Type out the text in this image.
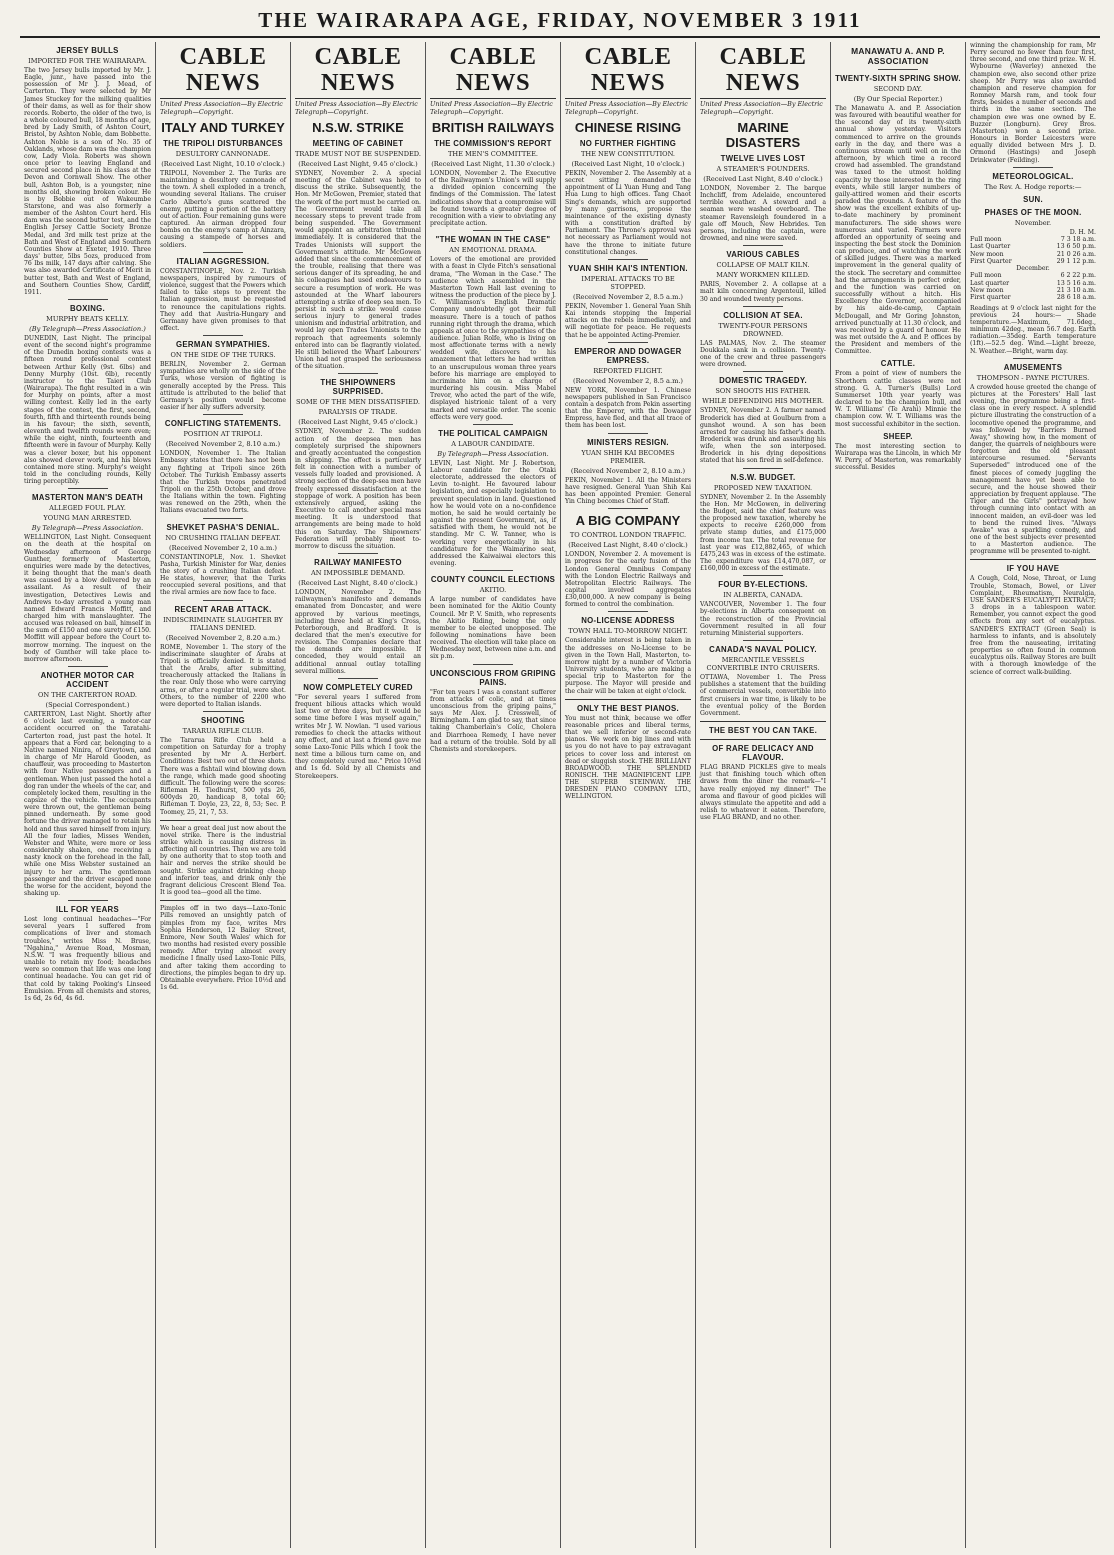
THE WAIRARAPA AGE, FRIDAY, NOVEMBER 3 1911
JERSEY BULLS
IMPORTED FOR THE WAIRARAPA.
The two Jersey bulls imported by Mr. J. Eagle, junr., have passed into the possession of Mr J. J. Mead, of Carterton. They were selected by Mr James Stuckey for the milking qualities of their dams, as well as for their show records. Roberto, the older of the two, is a whole coloured bull, 18 months of age, bred by Lady Smith, of Ashton Court, Bristol, by Ashton Noble, dam Bobbette. Ashton Noble is a son of No. 35 of Oaklands, whose dam was the champion cow, Lady Viola. Roberts was shown once prior to leaving England and secured second place in his class at the Devon and Cornwall Show. The other bull, Ashton Bob, is a youngster, nine months old, showing broken colour. He is by Bobbie out of Wakeumbe Starstone, and was also formerly a member of the Ashton Court herd. His dam was the second butter test, and the English Jersey Cattle Society Bronze Medal, and 3rd milk test prize at the Bath and West of England and Southern Counties Show at Exeter, 1910. Three days' butter, 5lbs 5ozs, produced from 76 lbs milk, 147 days after calving. She was also awarded Certificate of Merit in butter test, Bath and West of England, and Southern Counties Show, Cardiff, 1911.
BOXING.
MURPHY BEATS KELLY.
(By Telegraph—Press Association.)
DUNEDIN, Last Night. The principal event of the second night's programme of the Dunedin boxing contests was a fifteen round professional contest between Arthur Kelly (9st. 6lbs) and Denny Murphy (10st. 6lb), recently instructor to the Taieri Club (Wairarapa). The fight resulted in a win for Murphy on points, after a most willing contest. Kelly led in the early stages of the contest, the first, second, fourth, fifth and thirteenth rounds being in his favour; the sixth, seventh, eleventh and twelfth rounds were even; while the eight, ninth, fourteenth and fifteenth were in favour of Murphy. Kelly was a clever boxer, but his opponent also showed clever work, and his blows contained more sting. Murphy's weight told in the concluding rounds, Kelly tiring perceptibly.
MASTERTON MAN'S DEATH
ALLEGED FOUL PLAY.
YOUNG MAN ARRESTED.
By Telegraph—Press Association.
WELLINGTON, Last Night. Consequent on the death at the hospital on Wednesday afternoon of George Gunther, formerly of Masterton, enquiries were made by the detectives, it being thought that the man's death was caused by a blow delivered by an assailant. As a result of their investigation, Detectives Lewis and Andrews to-day arrested a young man named Edward Francis Moffitt, and charged him with manslaughter. The accused was released on bail, himself in the sum of £150 and one surety of £150. Moffitt will appear before the Court to-morrow morning. The inquest on the body of Gunther will take place to-morrow afternoon.
ANOTHER MOTOR CAR ACCIDENT
ON THE CARTERTON ROAD.
(Special Correspondent.)
CARTERTON, Last Night. Shortly after 6 o'clock last evening, a motor-car accident occurred on the Taratahi-Carterton road, just past the hotel. It appears that a Ford car, belonging to a Native named Ninira, of Greytown, and in charge of Mr Harold Gooden, as chauffeur, was proceeding to Masterton with four Native passengers and a gentleman. When just passed the hotel a dog ran under the wheels of the car, and completely locked them, resulting in the capsize of the vehicle. The occupants were thrown out, the gentleman being pinned underneath. By some good fortune the driver managed to retain his hold and thus saved himself from injury. All the four ladies, Misses Wenden, Webster and White, were more or less considerably shaken, one receiving a nasty knock on the forehead in the fall, while one Miss Webster sustained an injury to her arm. The gentleman passenger and the driver escaped none the worse for the accident, beyond the shaking up.
ILL FOR YEARS
Lost long continual headaches—"For several years I suffered from complications of liver and stomach troubles," writes Miss N. Bruse, "Ngahina," Avenue Road, Mosman, N.S.W. "I was frequently bilious and unable to retain my food; headaches were so common that life was one long continual headache. You can get rid of that cold by taking Pooking's Linseed Emulsion. From all chemists and stores, 1s 6d, 2s 6d, 4s 6d.
CABLE NEWS
United Press Association—By Electric Telegraph—Copyright.
ITALY AND TURKEY
THE TRIPOLI DISTURBANCES
DESULTORY CANNONADE.
(Received Last Night, 10.10 o'clock.)
TRIPOLI, November 2. The Turks are maintaining a desultory cannonade of the town. A shell exploded in a trench, wounding several Italians. The cruiser Carlo Alberto's guns scattered the enemy, putting a portion of the battery out of action. Four remaining guns were captured. An airman dropped four bombs on the enemy's camp at Ainzara, causing a stampede of horses and soldiers.
ITALIAN AGGRESSION.
CONSTANTINOPLE, Nov. 2. Turkish newspapers, inspired by rumours of violence, suggest that the Powers which failed to take steps to prevent the Italian aggression, must be requested to renounce the capitulations rights. They add that Austria-Hungary and Germany have given promises to that effect.
GERMAN SYMPATHIES.
ON THE SIDE OF THE TURKS.
BERLIN, November 2. German sympathies are wholly on the side of the Turks, whose version of fighting is generally accepted by the Press. This attitude is attributed to the belief that Germany's position would become easier if her ally suffers adversity.
CONFLICTING STATEMENTS.
POSITION AT TRIPOLI.
(Received November 2, 8.10 a.m.)
LONDON, November 1. The Italian Embassy states that there has not been any fighting at Tripoli since 26th October. The Turkish Embassy asserts that the Turkish troops penetrated Tripoli on the 25th October, and drove the Italians within the town. Fighting was renewed on the 29th, when the Italians evacuated two forts.
SHEVKET PASHA'S DENIAL.
NO CRUSHING ITALIAN DEFEAT.
(Received November 2, 10 a.m.)
CONSTANTINOPLE, Nov. 1. Shevket Pasha, Turkish Minister for War, denies the story of a crushing Italian defeat. He states, however, that the Turks reoccupied several positions, and that the rival armies are now face to face.
RECENT ARAB ATTACK.
INDISCRIMINATE SLAUGHTER BY ITALIANS DENIED.
(Received November 2, 8.20 a.m.)
ROME, November 1. The story of the indiscriminate slaughter of Arabs at Tripoli is officially denied. It is stated that the Arabs, after submitting, treacherously attacked the Italians in the rear. Only those who were carrying arms, or after a regular trial, were shot. Others, to the number of 2200 who were deported to Italian islands.
SHOOTING
TARARUA RIFLE CLUB.
The Tararua Rifle Club held a competition on Saturday for a trophy presented by Mr A. Herbert. Conditions: Best two out of three shots. There was a fishtail wind blowing down the range, which made good shooting difficult. The following were the scores: Rifleman H. Tiedhurst, 500 yds 26, 600yds 20, handicap 8, total 60; Rifleman T. Doyle, 23, 22, 8, 53; Sec. P. Toomey, 25, 21, 7, 53.
We hear a great deal just now about the novel strike. There is the industrial strike which is causing distress in affecting all countries. Then we are told by one authority that to stop tooth and hair and nerves the strike should be sought. Strike against drinking cheap and inferior teas, and drink only the fragrant delicious Crescent Blend Tea. It is good tea—good all the time.
Pimples off in two days—Laxo-Tonic Pills removed an unsightly patch of pimples from my face, writes Mrs Sophia Henderson, 12 Bailey Street, Enmore, New South Wales' which for two months had resisted every possible remedy. After trying almost every medicine I finally used Laxo-Tonic Pills, and after taking them according to directions, the pimples began to dry up. Obtainable everywhere. Price 10½d and 1s 6d.
CABLE NEWS
United Press Association—By Electric Telegraph—Copyright.
N.S.W. STRIKE
MEETING OF CABINET
TRADE MUST NOT BE SUSPENDED.
(Received Last Night, 9.45 o'clock.)
SYDNEY, November 2. A special meeting of the Cabinet was held to discuss the strike. Subsequently, the Hon. Mr McGowen, Premier, stated that the work of the port must be carried on. The Government would take all necessary steps to prevent trade from being suspended. The Government would appoint an arbitration tribunal immediately. It is considered that the Trades Unionists will support the Government's attitude. Mr McGowen added that since the commencement of the trouble, realising that there was serious danger of its spreading, he and his colleagues had used endeavours to secure a resumption of work. He was astounded at the Wharf labourers attempting a strike of deep sea men. To persist in such a strike would cause serious injury to general trades unionism and industrial arbitration, and would lay open Trades Unionists to the reproach that agreements solemnly entered into can be flagrantly violated. He still believed the Wharf Labourers' Union had not grasped the seriousness of the situation.
THE SHIPOWNERS SURPRISED.
SOME OF THE MEN DISSATISFIED.
PARALYSIS OF TRADE.
(Received Last Night, 9.45 o'clock.)
SYDNEY, November 2. The sudden action of the deepsea men has completely surprised the shipowners and greatly accentuated the congestion in shipping. The effect is particularly felt in connection with a number of vessels fully loaded and provisioned. A strong section of the deep-sea men have freely expressed dissatisfaction at the stoppage of work. A position has been extensively argued, asking the Executive to call another special mass meeting. It is understood that arrangements are being made to hold this on Saturday. The Shipowners' Federation will probably meet to-morrow to discuss the situation.
RAILWAY MANIFESTO
AN IMPOSSIBLE DEMAND.
(Received Last Night, 8.40 o'clock.)
LONDON, November 2. The railwaymen's manifesto and demands emanated from Doncaster, and were approved by various meetings, including three held at King's Cross, Peterborough, and Bradford. It is declared that the men's executive for revision. The Companies declare that the demands are impossible. If conceded, they would entail an additional annual outlay totalling several millions.
NOW COMPLETELY CURED
"For several years I suffered from frequent bilious attacks which would last two or three days, but it would be some time before I was myself again," writes Mr J. W. Nowlan. "I used various remedies to check the attacks without any effect, and at last a friend gave me some Laxo-Tonic Pills which I took the next time a bilious turn came on, and they completely cured me." Price 10½d and 1s 6d. Sold by all Chemists and Storekeepers.
CABLE NEWS
United Press Association—By Electric Telegraph—Copyright.
BRITISH RAILWAYS
THE COMMISSION'S REPORT
THE MEN'S COMMITTEE.
(Received Last Night, 11.30 o'clock.)
LONDON, November 2. The Executive of the Railwaymen's Union's will supply a divided opinion concerning the findings of the Commission. The latest indications show that a compromise will be found towards a greater degree of recognition with a view to obviating any precipitate action.
"THE WOMAN IN THE CASE"
AN EMOTIONAL DRAMA.
Lovers of the emotional are provided with a feast in Clyde Fitch's sensational drama, "The Woman in the Case." The audience which assembled in the Masterton Town Hall last evening to witness the production of the piece by J. C. Williamson's English Dramatic Company undoubtedly got their full measure. There is a touch of pathos running right through the drama, which appeals at once to the sympathies of the audience. Julian Rolfe, who is living on most affectionate terms with a newly wedded wife, discovers to his amazement that letters he had written to an unscrupulous woman three years before his marriage are employed to incriminate him on a charge of murdering his cousin. Miss Mabel Trevor, who acted the part of the wife, displayed histrionic talent of a very marked and versatile order. The scenic effects were very good.
THE POLITICAL CAMPAIGN
A LABOUR CANDIDATE.
By Telegraph—Press Association.
LEVIN, Last Night. Mr J. Robertson, Labour candidate for the Otaki electorate, addressed the electors of Levin to-night. He favoured labour legislation, and especially legislation to prevent speculation in land. Questioned how he would vote on a no-confidence motion, he said he would certainly be against the present Government, as, if satisfied with them, he would not be standing. Mr C. W. Tanner, who is working very energetically in his candidature for the Waimarino seat, addressed the Kaiwaiwai electors this evening.
COUNTY COUNCIL ELECTIONS
AKITIO.
A large number of candidates have been nominated for the Akitio County Council. Mr P. V. Smith, who represents the Akitio Riding, being the only member to be elected unopposed. The following nominations have been received. The election will take place on Wednesday next, between nine a.m. and six p.m.
UNCONSCIOUS FROM GRIPING PAINS.
"For ten years I was a constant sufferer from attacks of colic, and at times unconscious from the griping pains," says Mr Alex. J. Cresswell, of Birmingham. I am glad to say, that since taking Chamberlain's Colic, Cholera and Diarrhoea Remedy, I have never had a return of the trouble. Sold by all Chemists and storekeepers.
CABLE NEWS
United Press Association—By Electric Telegraph—Copyright.
CHINESE RISING
NO FURTHER FIGHTING
THE NEW CONSTITUTION.
(Received Last Night, 10 o'clock.)
PEKIN, November 2. The Assembly at a secret sitting demanded the appointment of Li Yuan Hung and Tang Hua Lung to high offices. Tang Chaot Sing's demands, which are supported by many garrisons, propose the maintenance of the existing dynasty with a constitution drafted by Parliament. The Throne's approval was not necessary as Parliament would not have the throne to initiate future constitutional changes.
YUAN SHIH KAI'S INTENTION.
IMPERIAL ATTACKS TO BE STOPPED.
(Received November 2, 8.5 a.m.)
PEKIN, November 1. General Yuan Shih Kai intends stopping the Imperial attacks on the rebels immediately, and will negotiate for peace. He requests that he be appointed Acting-Premier.
EMPEROR AND DOWAGER EMPRESS.
REPORTED FLIGHT.
(Received November 2, 8.5 a.m.)
NEW YORK, November 1. Chinese newspapers published in San Francisco contain a despatch from Pekin asserting that the Emperor, with the Dowager Empress, have fled, and that all trace of them has been lost.
MINISTERS RESIGN.
YUAN SHIH KAI BECOMES PREMIER.
(Received November 2, 8.10 a.m.)
PEKIN, November 1. All the Ministers have resigned. General Yuan Shih Kai has been appointed Premier. General Yin Ching becomes Chief of Staff.
A BIG COMPANY
TO CONTROL LONDON TRAFFIC.
(Received Last Night, 8.40 o'clock.)
LONDON, November 2. A movement is in progress for the early fusion of the London General Omnibus Company with the London Electric Railways and Metropolitan Electric Railways. The capital involved aggregates £30,000,000. A new company is being formed to control the combination.
NO-LICENSE ADDRESS
TOWN HALL TO-MORROW NIGHT.
Considerable interest is being taken in the addresses on No-License to be given in the Town Hall, Masterton, to-morrow night by a number of Victoria University students, who are making a special trip to Masterton for the purpose. The Mayor will preside and the chair will be taken at eight o'clock.
ONLY THE BEST PIANOS.
You must not think, because we offer reasonable prices and liberal terms, that we sell inferior or second-rate pianos. We work on big lines and with us you do not have to pay extravagant prices to cover loss and interest on dead or sluggish stock. THE BRILLIANT BROADWOOD. THE SPLENDID RONISCH. THE MAGNIFICENT LIPP. THE SUPERB STEINWAY. THE DRESDEN PIANO COMPANY LTD., WELLINGTON.
CABLE NEWS
United Press Association—By Electric Telegraph—Copyright.
MARINE DISASTERS
TWELVE LIVES LOST
A STEAMER'S FOUNDERS.
(Received Last Night, 8.40 o'clock.)
LONDON, November 2. The barque Inchcliff, from Adelaide, encountered terrible weather. A steward and a seaman were washed overboard. The steamer Ravensleigh foundered in a gale off Mouch, New Hebrides. Ten persons, including the captain, were drowned, and nine were saved.
VARIOUS CABLES
COLLAPSE OF MALT KILN.
MANY WORKMEN KILLED.
PARIS, November 2. A collapse at a malt kiln concerning Argenteuil, killed 30 and wounded twenty persons.
COLLISION AT SEA.
TWENTY-FOUR PERSONS DROWNED.
LAS PALMAS, Nov. 2. The steamer Doukkala sank in a collision. Twenty-one of the crew and three passengers were drowned.
DOMESTIC TRAGEDY.
SON SHOOTS HIS FATHER.
WHILE DEFENDING HIS MOTHER.
SYDNEY, November 2. A farmer named Broderick has died at Goulburn from a gunshot wound. A son has been arrested for causing his father's death. Broderick was drunk and assaulting his wife, when the son interposed. Broderick in his dying depositions stated that his son fired in self-defence.
N.S.W. BUDGET.
PROPOSED NEW TAXATION.
SYDNEY, November 2. In the Assembly the Hon. Mr McGowen, in delivering the Budget, said the chief feature was the proposed new taxation, whereby he expects to receive £260,000 from private stamp duties, and £175,000 from income tax. The total revenue for last year was £12,882,465, of which £475,243 was in excess of the estimate. The expenditure was £14,470,087, or £160,000 in excess of the estimate.
FOUR BY-ELECTIONS.
IN ALBERTA, CANADA.
VANCOUVER, November 1. The four by-elections in Alberta consequent on the reconstruction of the Provincial Government resulted in all four returning Ministerial supporters.
CANADA'S NAVAL POLICY.
MERCANTILE VESSELS CONVERTIBLE INTO CRUISERS.
OTTAWA, November 1. The Press publishes a statement that the building of commercial vessels, convertible into first cruisers in war time, is likely to be the eventual policy of the Borden Government.
THE BEST YOU CAN TAKE.
OF RARE DELICACY AND FLAVOUR.
FLAG BRAND PICKLES give to meals just that finishing touch which often draws from the diner the remark—"I have really enjoyed my dinner!" The aroma and flavour of good pickles will always stimulate the appetite and add a relish to whatever it eaten. Therefore, use FLAG BRAND, and no other.
MANAWATU A. AND P. ASSOCIATION
TWENTY-SIXTH SPRING SHOW.
SECOND DAY.
(By Our Special Reporter.)
The Manawatu A. and P. Association was favoured with beautiful weather for the second day of its twenty-sixth annual show yesterday. Visitors commenced to arrive on the grounds early in the day, and there was a continuous stream until well on in the afternoon, by which time a record crowd had assembled. The grandstand was taxed to the utmost holding capacity by those interested in the ring events, while still larger numbers of gaily-attired women and their escorts paraded the grounds. A feature of the show was the excellent exhibits of up-to-date machinery by prominent manufacturers. The side shows were numerous and varied. Farmers were afforded an opportunity of seeing and inspecting the best stock the Dominion can produce, and of watching the work of skilled judges. There was a marked improvement in the general quality of the stock. The secretary and committee had the arrangements in perfect order, and the function was carried on successfully without a hitch. His Excellency the Governor, accompanied by his aide-de-camp, Captain McDougall, and Mr Goring Johnston, arrived punctually at 11.30 o'clock, and was received by a guard of honour. He was met outside the A. and P. offices by the President and members of the Committee.
CATTLE.
From a point of view of numbers the Shorthorn cattle classes were not strong. G. A. Turner's (Bulls) Lord Summerset 10th year yearly was declared to be the champion bull, and W. T. Williams' (Te Arahi) Minnie the champion cow. W. T. Williams was the most successful exhibitor in the section.
SHEEP.
The most interesting section to Wairarapa was the Lincoln, in which Mr W. Perry, of Masterton, was remarkably successful. Besides
winning the championship for ram, Mr Perry secured no fewer than four first, three second, and one third prize. W. H. Wybourne (Waverley) annexed the champion ewe, also second other prize sheep. Mr Perry was also awarded champion and reserve champion for Romney Marsh ram, and took four firsts, besides a number of seconds and thirds in the same section. The champion ewe was one owned by E. Buzzer (Longburn). Grey Bros. (Masterton) won a second prize. Honours in Border Leicesters were equally divided between Mrs J. D. Ormond (Hastings) and Joseph Drinkwater (Feilding).
METEOROLOGICAL.
The Rev. A. Hodge reports:—
SUN.
PHASES OF THE MOON.
November.
	D. H. M.
Full moon	7 3 18 a.m.
Last Quarter	13 6 50 p.m.
New moon	21 0 26 a.m.
First Quarter	29 1 12 p.m.
December.	
Full moon	6 2 22 p.m.
Last quarter	13 5 16 a.m.
New moon	21 3 10 a.m.
First quarter	28 6 18 a.m.
Readings at 9 o'clock last night for the previous 24 hours:— Shade temperature.—Maximum, 71.6deg., minimum 42deg., mean 56.7 deg. Earth radiation.—35deg. Earth temperature (1ft).—52.5 deg. Wind.—Light breeze, N. Weather.—Bright, warm day.
AMUSEMENTS
THOMPSON - PAYNE PICTURES.
A crowded house greeted the change of pictures at the Foresters' Hall last evening, the programme being a first-class one in every respect. A splendid picture illustrating the construction of a locomotive opened the programme, and was followed by "Barriers Burned Away," showing how, in the moment of danger, the quarrels of neighbours were forgotten and the old pleasant intercourse resumed. "Servants Superseded" introduced one of the finest pieces of comedy juggling the management have yet been able to secure, and the house showed their appreciation by frequent applause. "The Tiger and the Girls" portrayed how through cunning into contact with an innocent maiden, an evil-doer was led to bend the ruined lives. "Always Awake" was a sparkling comedy, and one of the best subjects ever presented to a Masterton audience. The programme will be presented to-night.
IF YOU HAVE
A Cough, Cold, Nose, Throat, or Lung Trouble, Stomach, Bowel, or Liver Complaint, Rheumatism, Neuralgia, USE SANDER'S EUCALYPTI EXTRACT; 3 drops in a tablespoon water. Remember, you cannot expect the good effects from any sort of eucalyptus. SANDER'S EXTRACT (Green Seal) is harmless to infants, and is absolutely free from the nauseating, irritating properties so often found in common eucalyptus oils. Railway Stores are built with a thorough knowledge of the science of correct walk-building.
